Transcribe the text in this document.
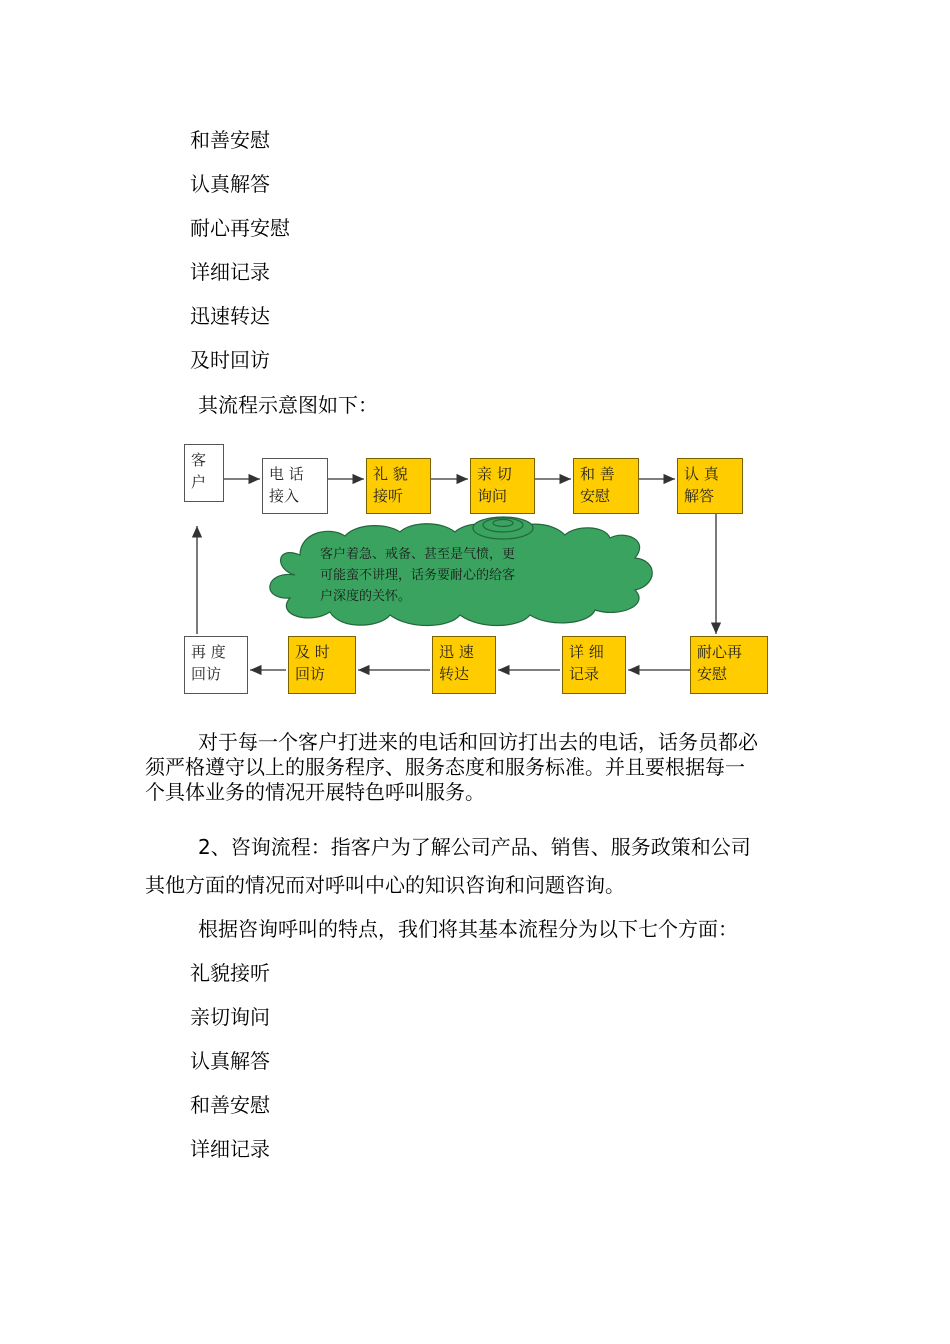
和善安慰
认真解答
耐心再安慰
详细记录
迅速转达
及时回访
其流程示意图如下：
客
户	电 话
接入
礼 貌
接听
亲 切
询问
和 善
安慰
认 真
解答
耐心再
安慰
详 细
记录
迅 速
转达
及 时
回访
再 度
回访
客户着急、戒备、甚至是气愤，更
可能蛮不讲理，话务要耐心的给客
户深度的关怀。
对于每一个客户打进来的电话和回访打出去的电话，话务员都必
须严格遵守以上的服务程序、服务态度和服务标准。并且要根据每一
个具体业务的情况开展特色呼叫服务。
2、咨询流程：指客户为了解公司产品、销售、服务政策和公司
其他方面的情况而对呼叫中心的知识咨询和问题咨询。
根据咨询呼叫的特点，我们将其基本流程分为以下七个方面：
礼貌接听
亲切询问
认真解答
和善安慰
详细记录
